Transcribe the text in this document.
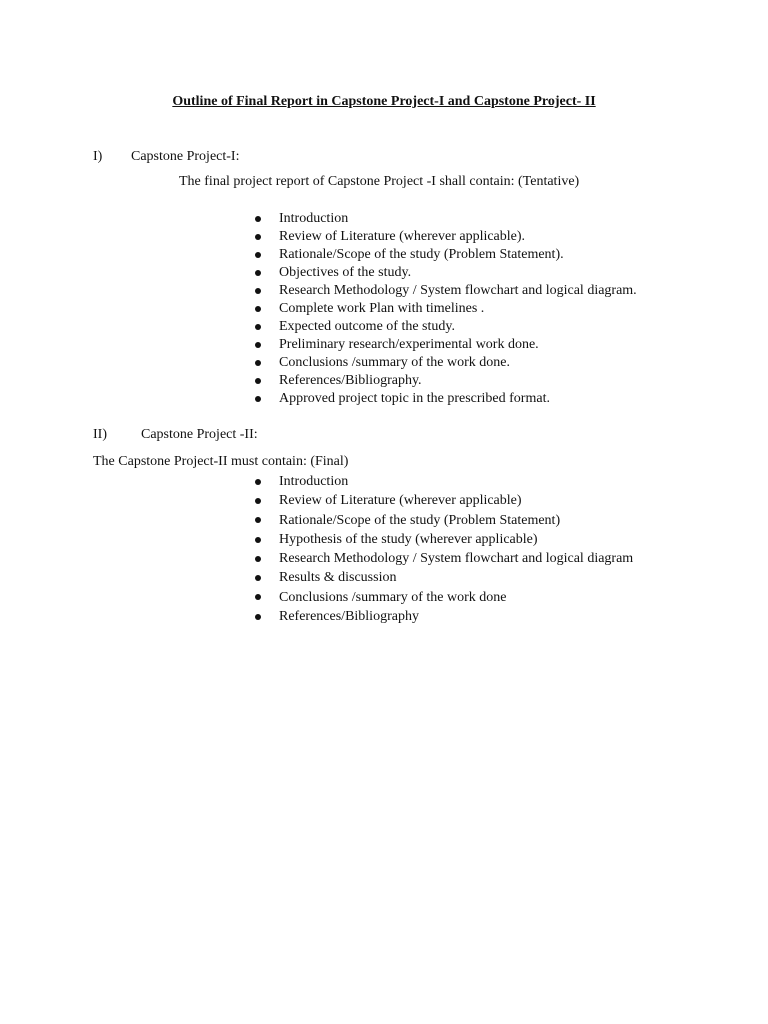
Outline of Final Report in Capstone Project-I and Capstone Project- II
I) Capstone Project-I:
The final project report of Capstone Project -I shall contain: (Tentative)
Introduction
Review of Literature (wherever applicable).
Rationale/Scope of the study (Problem Statement).
Objectives of the study.
Research Methodology / System flowchart and logical diagram.
Complete work Plan with timelines .
Expected outcome of the study.
Preliminary research/experimental work done.
Conclusions /summary of the work done.
References/Bibliography.
Approved project topic in the prescribed format.
II) Capstone Project -II:
The Capstone Project-II must contain: (Final)
Introduction
Review of Literature (wherever applicable)
Rationale/Scope of the study (Problem Statement)
Hypothesis of the study (wherever applicable)
Research Methodology / System flowchart and logical diagram
Results & discussion
Conclusions /summary of the work done
References/Bibliography
